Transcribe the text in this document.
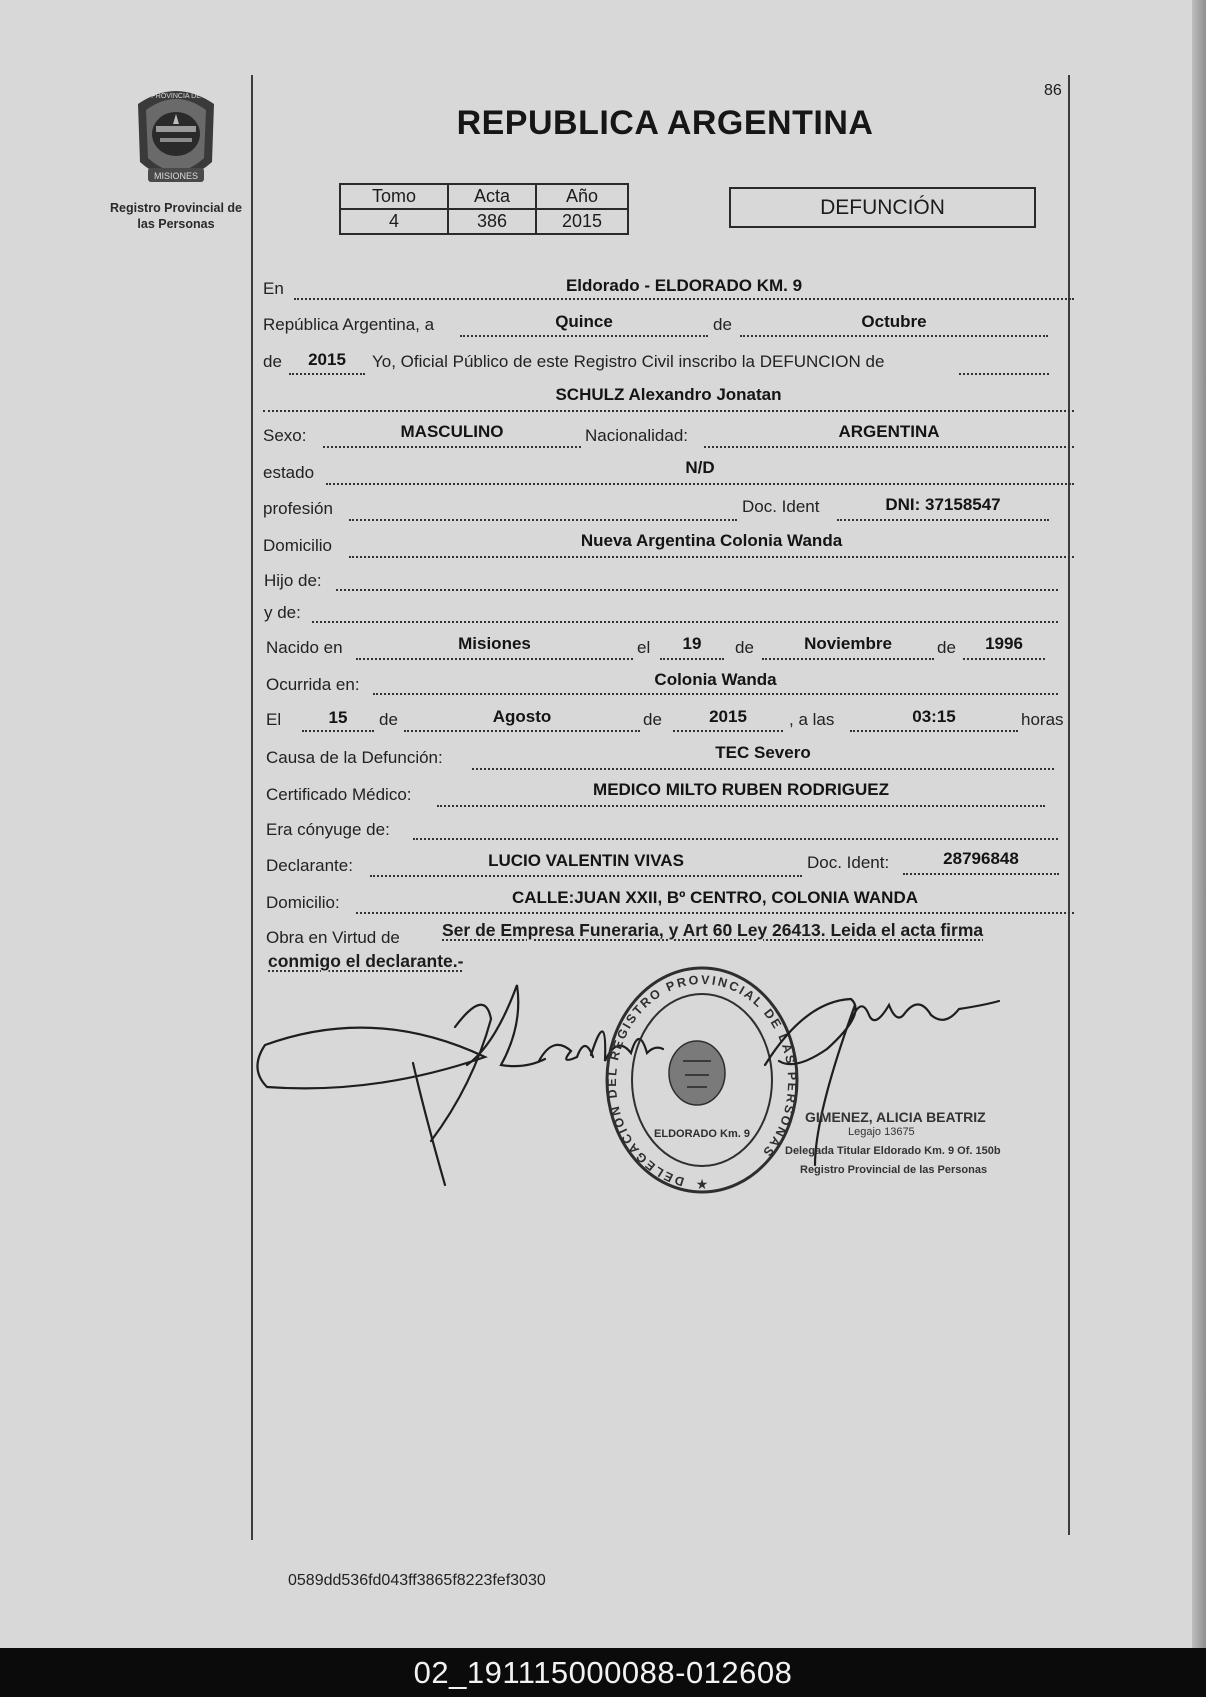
MISIONES
PROVINCIA DE
Registro Provincial de
las Personas
86
REPUBLICA ARGENTINA
Tomo	Acta	Año
4	386	2015
DEFUNCIÓN
En	Eldorado - ELDORADO KM. 9
República Argentina, a	Quince	de	Octubre
de	2015	Yo, Oficial Público de este Registro Civil inscribo la DEFUNCION de
SCHULZ Alexandro Jonatan
Sexo:	MASCULINO	Nacionalidad:	ARGENTINA
estado	N/D
profesión	Doc. Ident	DNI: 37158547
Domicilio	Nueva Argentina Colonia Wanda
Hijo de:
y de:
Nacido en	Misiones	el	19	de	Noviembre	de	1996
Ocurrida en:	Colonia Wanda
El	15	de	Agosto	de	2015	, a las	03:15	horas
Causa de la Defunción:	TEC Severo
Certificado Médico:	MEDICO MILTO RUBEN RODRIGUEZ
Era cónyuge de:
Declarante:	LUCIO VALENTIN VIVAS	Doc. Ident:	28796848
Domicilio:	CALLE:JUAN XXII, Bº CENTRO, COLONIA WANDA
Obra en Virtud de Ser de Empresa Funeraria, y Art 60 Ley 26413. Leida el acta firma
conmigo el declarante.-
DELEGACION DEL REGISTRO PROVINCIAL DE LAS PERSONAS
ELDORADO Km. 9
★
GIMENEZ, ALICIA BEATRIZ
Legajo 13675
Delegada Titular Eldorado Km. 9 Of. 150b
Registro Provincial de las Personas
0589dd536fd043ff3865f8223fef3030
02_191115000088-012608
